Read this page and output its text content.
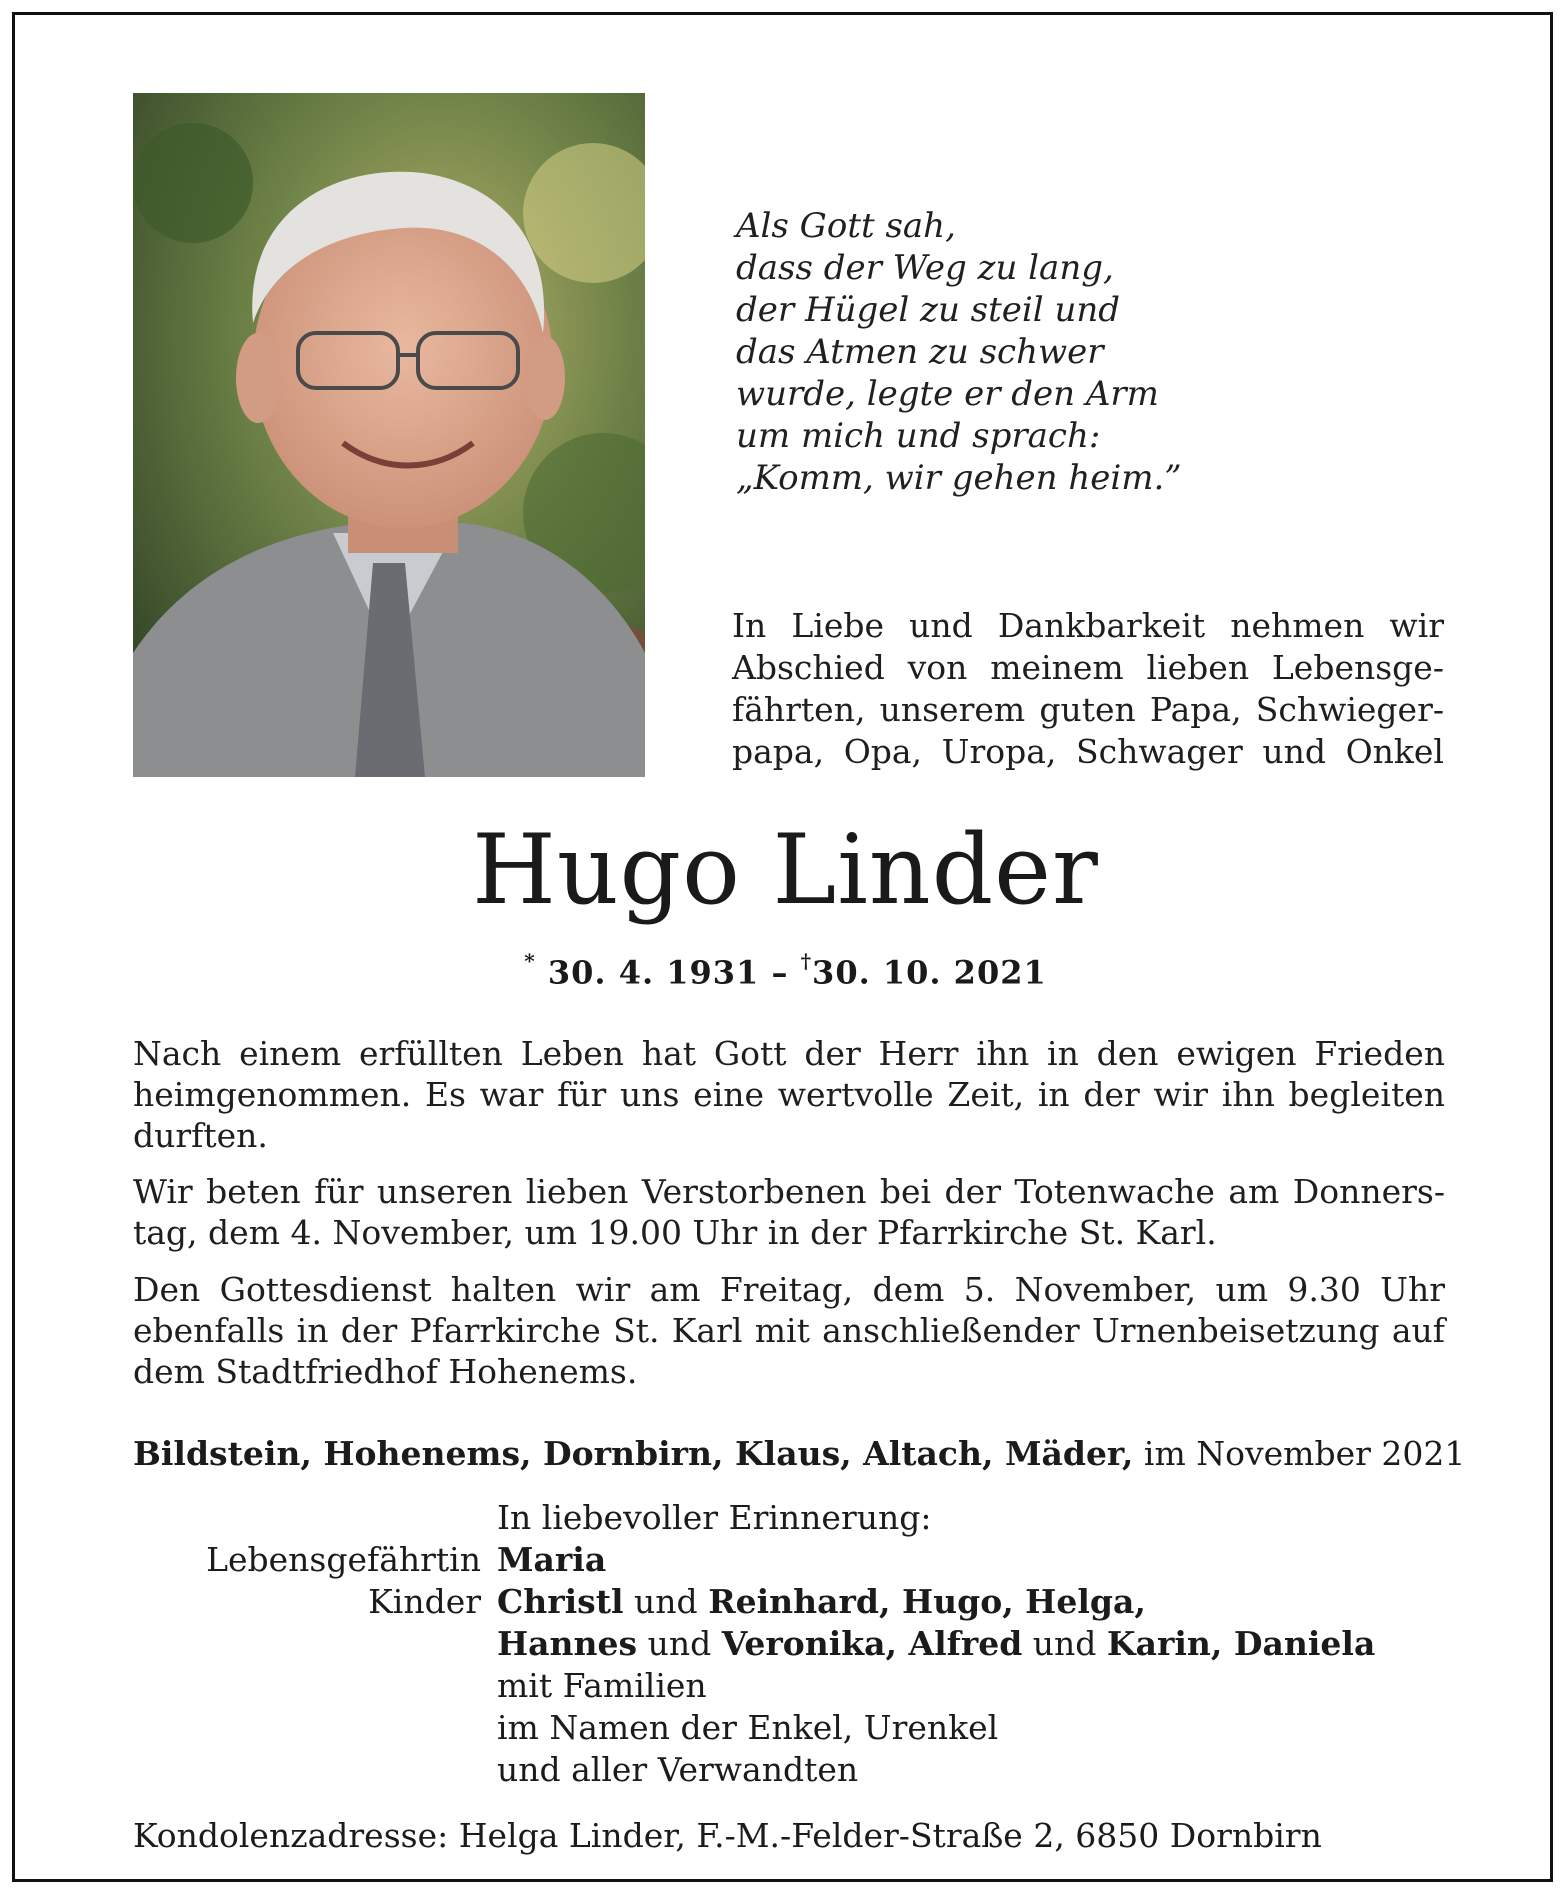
Als Gott sah,
dass der Weg zu lang,
der Hügel zu steil und
das Atmen zu schwer
wurde, legte er den Arm
um mich und sprach:
„Komm, wir gehen heim.”
In Liebe und Dankbarkeit nehmen wir
Abschied von meinem lieben Lebensge-
fährten, unserem guten Papa, Schwieger-
papa, Opa, Uropa, Schwager und Onkel
Hugo Linder
* 30. 4. 1931 – †30. 10. 2021
Nach einem erfüllten Leben hat Gott der Herr ihn in den ewigen Frieden
heimgenommen. Es war für uns eine wertvolle Zeit, in der wir ihn begleiten
durften.
Wir beten für unseren lieben Verstorbenen bei der Totenwache am Donners-
tag, dem 4. November, um 19.00 Uhr in der Pfarrkirche St. Karl.
Den Gottesdienst halten wir am Freitag, dem 5. November, um 9.30 Uhr
ebenfalls in der Pfarrkirche St. Karl mit anschließender Urnenbeisetzung auf
dem Stadtfriedhof Hohenems.
Bildstein, Hohenems, Dornbirn, Klaus, Altach, Mäder, im November 2021
In liebevoller Erinnerung:
Lebensgefährtin Maria
Kinder Christl und Reinhard, Hugo, Helga,
Hannes und Veronika, Alfred und Karin, Daniela
mit Familien
im Namen der Enkel, Urenkel
und aller Verwandten
Kondolenzadresse: Helga Linder, F.-M.-Felder-Straße 2, 6850 Dornbirn
